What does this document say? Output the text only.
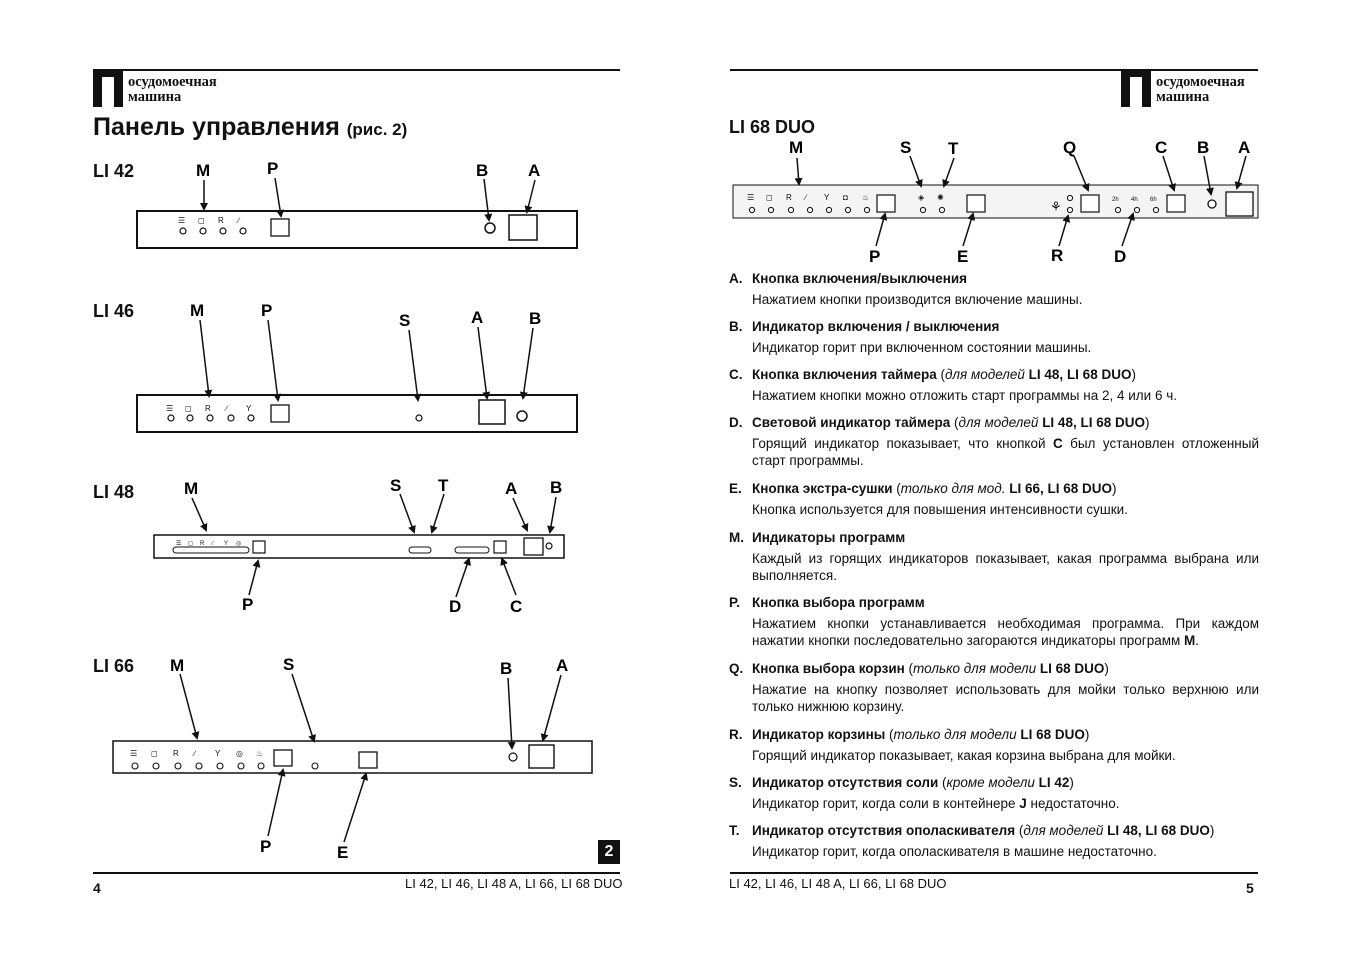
осудомоечная
машина
Панель управления (рис. 2)
LI 42
LI 46
LI 48
LI 66
☰ ◻ R ∕
M	P	B A
☰ ◻ R ∕ Y
M	P
S	A	B
☰ ◻ R	∕ Y ◎
M	S T	A B
P	D	C
☰ ◻ R ∕ Y ◎ ♨
M	S	B	A
P	E
☰ ◻ R ∕ Y ◘ ♨	◈ ✺	2h 4h 6h
⚘
M	S T	Q	C B A
P	E	R	D
2
4	LI 42, LI 46, LI 48 A, LI 66, LI 68 DUO
осудомоечная
машина
LI 68 DUO
A. Кнопка включения/выключения
Нажатием кнопки производится включение машины.
B. Индикатор включения / выключения
Индикатор горит при включенном состоянии машины.
C. Кнопка включения таймера (для моделей LI 48, LI 68 DUO)
Нажатием кнопки можно отложить старт программы на 2, 4 или 6 ч.
D. Световой индикатор таймера (для моделей LI 48, LI 68 DUO)
Горящий индикатор показывает, что кнопкой С был установлен отложенный старт программы.
E. Кнопка экстра-сушки (только для мод. LI 66, LI 68 DUO)
Кнопка используется для повышения интенсивности сушки.
M. Индикаторы программ
Каждый из горящих индикаторов показывает, какая программа выбрана или выполняется.
P. Кнопка выбора программ
Нажатием кнопки устанавливается необходимая программа. При каждом нажатии кнопки последовательно загораются индикаторы программ M.
Q. Кнопка выбора корзин (только для модели LI 68 DUO)
Нажатие на кнопку позволяет использовать для мойки только верхнюю или только нижнюю корзину.
R. Индикатор корзины (только для модели LI 68 DUO)
Горящий индикатор показывает, какая корзина выбрана для мойки.
S. Индикатор отсутствия соли (кроме модели LI 42)
Индикатор горит, когда соли в контейнере J недостаточно.
T. Индикатор отсутствия ополаскивателя (для моделей LI 48, LI 68 DUO)
Индикатор горит, когда ополаскивателя в машине недостаточно.
LI 42, LI 46, LI 48 A, LI 66, LI 68 DUO	5
